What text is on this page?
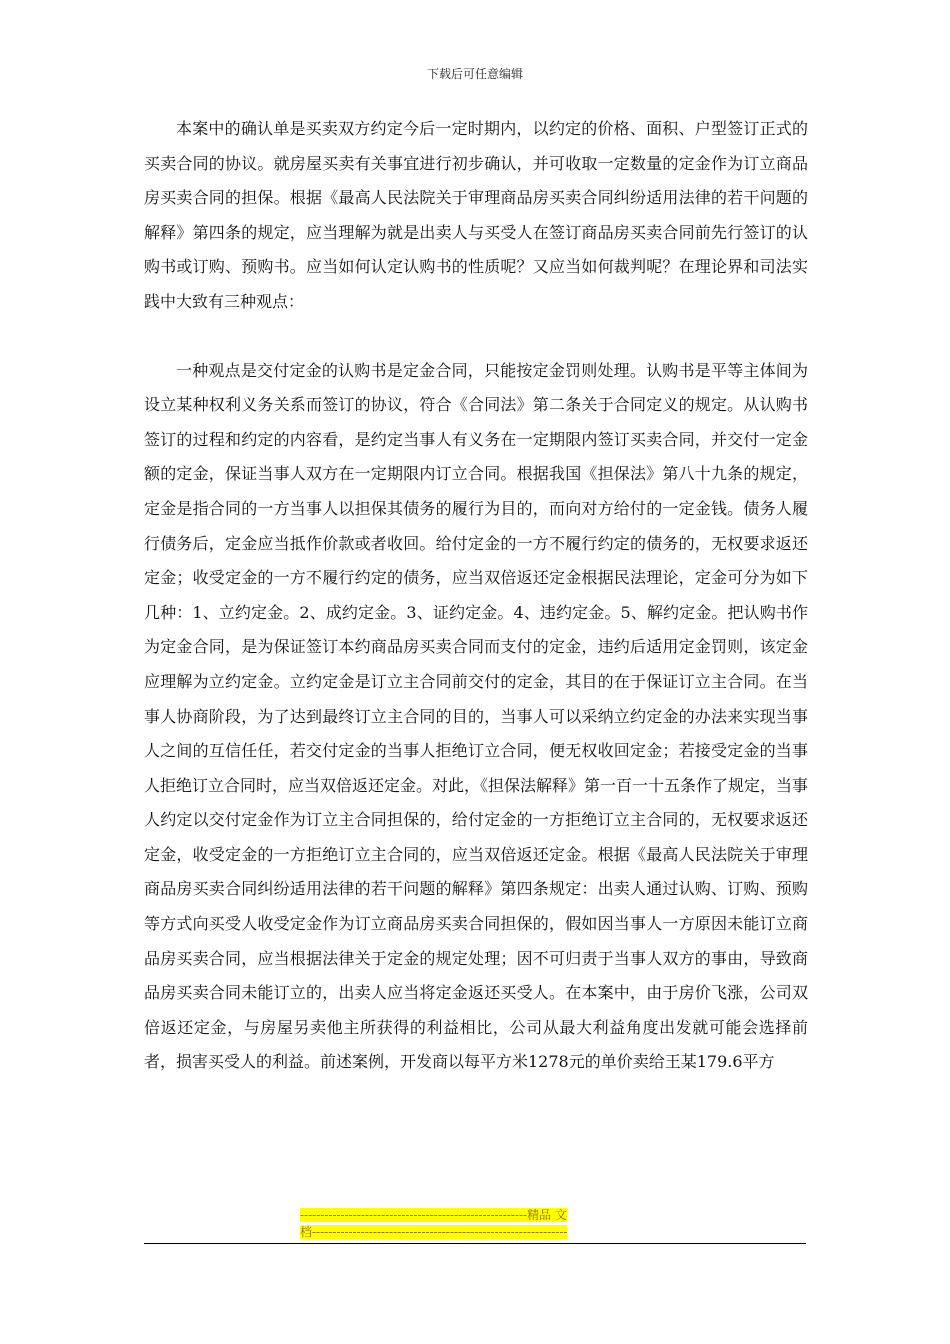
下载后可任意编辑

本案中的确认单是买卖双方约定今后一定时期内，以约定的价格、面积、户型签订正式的买卖合同的协议。就房屋买卖有关事宜进行初步确认，并可收取一定数量的定金作为订立商品房买卖合同的担保。根据《最高人民法院关于审理商品房买卖合同纠纷适用法律的若干问题的解释》第四条的规定，应当理解为就是出卖人与买受人在签订商品房买卖合同前先行签订的认购书或订购、预购书。应当如何认定认购书的性质呢？又应当如何裁判呢？在理论界和司法实践中大致有三种观点：

一种观点是交付定金的认购书是定金合同，只能按定金罚则处理。认购书是平等主体间为设立某种权利义务关系而签订的协议，符合《合同法》第二条关于合同定义的规定。从认购书签订的过程和约定的内容看，是约定当事人有义务在一定期限内签订买卖合同，并交付一定金额的定金，保证当事人双方在一定期限内订立合同。根据我国《担保法》第八十九条的规定，定金是指合同的一方当事人以担保其债务的履行为目的，而向对方给付的一定金钱。债务人履行债务后，定金应当抵作价款或者收回。给付定金的一方不履行约定的债务的，无权要求返还定金；收受定金的一方不履行约定的债务，应当双倍返还定金根据民法理论，定金可分为如下几种：1、立约定金。2、成约定金。3、证约定金。4、违约定金。5、解约定金。把认购书作为定金合同，是为保证签订本约商品房买卖合同而支付的定金，违约后适用定金罚则，该定金应理解为立约定金。立约定金是订立主合同前交付的定金，其目的在于保证订立主合同。在当事人协商阶段，为了达到最终订立主合同的目的，当事人可以采纳立约定金的办法来实现当事人之间的互信任任，若交付定金的当事人拒绝订立合同，便无权收回定金；若接受定金的当事人拒绝订立合同时，应当双倍返还定金。对此，《担保法解释》第一百一十五条作了规定，当事人约定以交付定金作为订立主合同担保的，给付定金的一方拒绝订立主合同的，无权要求返还定金，收受定金的一方拒绝订立主合同的，应当双倍返还定金。根据《最高人民法院关于审理商品房买卖合同纠纷适用法律的若干问题的解释》第四条规定：出卖人通过认购、订购、预购等方式向买受人收受定金作为订立商品房买卖合同担保的，假如因当事人一方原因未能订立商品房买卖合同，应当根据法律关于定金的规定处理；因不可归责于当事人双方的事由，导致商品房买卖合同未能订立的，出卖人应当将定金返还买受人。在本案中，由于房价飞涨，公司双倍返还定金，与房屋另卖他主所获得的利益相比，公司从最大利益角度出发就可能会选择前者，损害买受人的利益。前述案例，开发商以每平方米1278元的单价卖给王某179.6平方

--------------------------------------------------------精品 文
档---------------------------------------------------------------
